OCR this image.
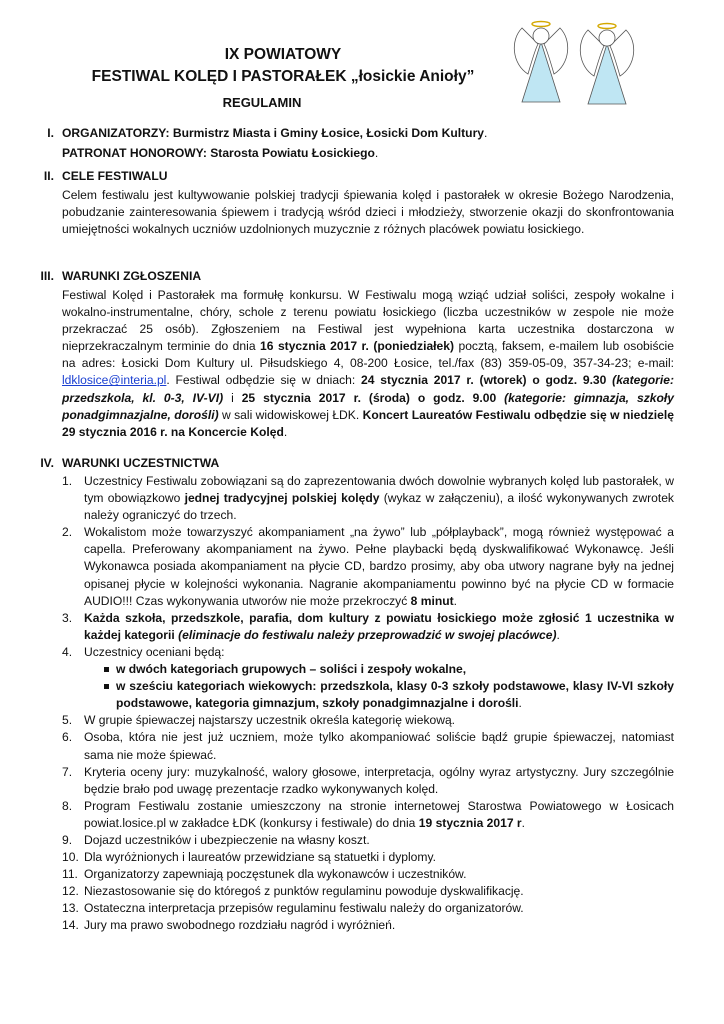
IX POWIATOWY
FESTIWAL KOLĘD I PASTORAŁEK „łosickie Anioły”
REGULAMIN
I. ORGANIZATORZY: Burmistrz Miasta i Gminy Łosice, Łosicki Dom Kultury.
PATRONAT HONOROWY: Starosta Powiatu Łosickiego.
II. CELE FESTIWALU
Celem festiwalu jest kultywowanie polskiej tradycji śpiewania kolęd i pastorałek w okresie Bożego Narodzenia, pobudzanie zainteresowania śpiewem i tradycją wśród dzieci i młodzieży, stworzenie okazji do skonfrontowania umiejętności wokalnych uczniów uzdolnionych muzycznie z różnych placówek powiatu łosickiego.
III. WARUNKI ZGŁOSZENIA

Festiwal Kolęd i Pastorałek ma formułę konkursu. W Festiwalu mogą wziąć udział soliści, zespoły wokalne i wokalno-instrumentalne, chóry, schole z terenu powiatu łosickiego (liczba uczestników w zespole nie może przekraczać 25 osób). Zgłoszeniem na Festiwal jest wypełniona karta uczestnika dostarczona w nieprzekraczalnym terminie do dnia 16 stycznia 2017 r. (poniedziałek) pocztą, faksem, e-mailem lub osobiście na adres: Łosicki Dom Kultury ul. Piłsudskiego 4, 08-200 Łosice, tel./fax (83) 359-05-09, 357-34-23; e-mail: ldklosice@interia.pl. Festiwal odbędzie się w dniach: 24 stycznia 2017 r. (wtorek) o godz. 9.30 (kategorie: przedszkola, kl. 0-3, IV-VI) i 25 stycznia 2017 r. (środa) o godz. 9.00 (kategorie: gimnazja, szkoły ponadgimnazjalne, dorośli) w sali widowiskowej ŁDK. Koncert Laureatów Festiwalu odbędzie się w niedzielę 29 stycznia 2016 r. na Koncercie Kolęd.

IV. WARUNKI UCZESTNICTWA
1. Uczestnicy Festiwalu zobowiązani są do zaprezentowania dwóch dowolnie wybranych kolęd lub pastorałek, w tym obowiązkowo jednej tradycyjnej polskiej kolędy (wykaz w załączeniu), a ilość wykonywanych zwrotek należy ograniczyć do trzech.
2. Wokalistom może towarzyszyć akompaniament „na żywo” lub „półplayback”, mogą również występować a capella. Preferowany akompaniament na żywo. Pełne playbacki będą dyskwalifikować Wykonawcę. Jeśli Wykonawca posiada akompaniament na płycie CD, bardzo prosimy, aby oba utwory nagrane były na jednej opisanej płycie w kolejności wykonania. Nagranie akompaniamentu powinno być na płycie CD w formacie AUDIO!!! Czas wykonywania utworów nie może przekroczyć 8 minut.
3. Każda szkoła, przedszkole, parafia, dom kultury z powiatu łosickiego może zgłosić 1 uczestnika w każdej kategorii (eliminacje do festiwalu należy przeprowadzić w swojej placówce).
4. Uczestnicy oceniani będą:
w dwóch kategoriach grupowych – soliści i zespoły wokalne,
w sześciu kategoriach wiekowych: przedszkola, klasy 0-3 szkoły podstawowe, klasy IV-VI szkoły podstawowe, kategoria gimnazjum, szkoły ponadgimnazjalne i dorośli.
5. W grupie śpiewaczej najstarszy uczestnik określa kategorię wiekową.
6. Osoba, która nie jest już uczniem, może tylko akompaniować soliście bądź grupie śpiewaczej, natomiast sama nie może śpiewać.
7. Kryteria oceny jury: muzykalność, walory głosowe, interpretacja, ogólny wyraz artystyczny. Jury szczególnie będzie brało pod uwagę prezentacje rzadko wykonywanych kolęd.
8. Program Festiwalu zostanie umieszczony na stronie internetowej Starostwa Powiatowego w Łosicach powiat.losice.pl w zakładce ŁDK (konkursy i festiwale) do dnia 19 stycznia 2017 r.
9. Dojazd uczestników i ubezpieczenie na własny koszt.
10. Dla wyróżnionych i laureatów przewidziane są statuetki i dyplomy.
11. Organizatorzy zapewniają poczęstunek dla wykonawców i uczestników.
12. Niezastosowanie się do któregoś z punktów regulaminu powoduje dyskwalifikację.
13. Ostateczna interpretacja przepisów regulaminu festiwalu należy do organizatorów.
14. Jury ma prawo swobodnego rozdziału nagród i wyróżnień.
